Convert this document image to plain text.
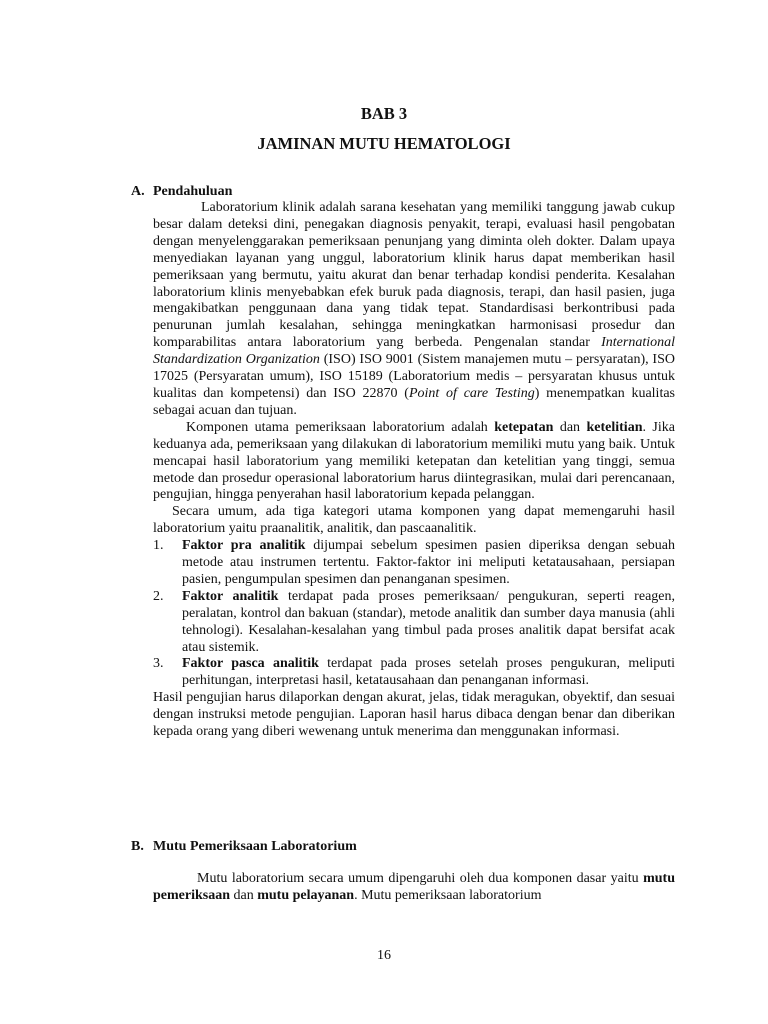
BAB 3
JAMINAN MUTU HEMATOLOGI
A. Pendahuluan

Laboratorium klinik adalah sarana kesehatan yang memiliki tanggung jawab cukup besar dalam deteksi dini, penegakan diagnosis penyakit, terapi, evaluasi hasil pengobatan dengan menyelenggarakan pemeriksaan penunjang yang diminta oleh dokter. Dalam upaya menyediakan layanan yang unggul, laboratorium klinik harus dapat memberikan hasil pemeriksaan yang bermutu, yaitu akurat dan benar terhadap kondisi penderita. Kesalahan laboratorium klinis menyebabkan efek buruk pada diagnosis, terapi, dan hasil pasien, juga mengakibatkan penggunaan dana yang tidak tepat. Standardisasi berkontribusi pada penurunan jumlah kesalahan, sehingga meningkatkan harmonisasi prosedur dan komparabilitas antara laboratorium yang berbeda. Pengenalan standar International Standardization Organization (ISO) ISO 9001 (Sistem manajemen mutu – persyaratan), ISO 17025 (Persyaratan umum), ISO 15189 (Laboratorium medis – persyaratan khusus untuk kualitas dan kompetensi) dan ISO 22870 (Point of care Testing) menempatkan kualitas sebagai acuan dan tujuan.

Komponen utama pemeriksaan laboratorium adalah ketepatan dan ketelitian. Jika keduanya ada, pemeriksaan yang dilakukan di laboratorium memiliki mutu yang baik. Untuk mencapai hasil laboratorium yang memiliki ketepatan dan ketelitian yang tinggi, semua metode dan prosedur operasional laboratorium harus diintegrasikan, mulai dari perencanaan, pengujian, hingga penyerahan hasil laboratorium kepada pelanggan.

Secara umum, ada tiga kategori utama komponen yang dapat memengaruhi hasil laboratorium yaitu praanalitik, analitik, dan pascaanalitik.

1. Faktor pra analitik dijumpai sebelum spesimen pasien diperiksa dengan sebuah metode atau instrumen tertentu. Faktor-faktor ini meliputi ketatausahaan, persiapan pasien, pengumpulan spesimen dan penanganan spesimen.
2. Faktor analitik terdapat pada proses pemeriksaan/ pengukuran, seperti reagen, peralatan, kontrol dan bakuan (standar), metode analitik dan sumber daya manusia (ahli tehnologi). Kesalahan-kesalahan yang timbul pada proses analitik dapat bersifat acak atau sistemik.
3. Faktor pasca analitik terdapat pada proses setelah proses pengukuran, meliputi perhitungan, interpretasi hasil, ketatausahaan dan penanganan informasi.

Hasil pengujian harus dilaporkan dengan akurat, jelas, tidak meragukan, obyektif, dan sesuai dengan instruksi metode pengujian. Laporan hasil harus dibaca dengan benar dan diberikan kepada orang yang diberi wewenang untuk menerima dan menggunakan informasi.

B. Mutu Pemeriksaan Laboratorium

Mutu laboratorium secara umum dipengaruhi oleh dua komponen dasar yaitu mutu pemeriksaan dan mutu pelayanan. Mutu pemeriksaan laboratorium

16
